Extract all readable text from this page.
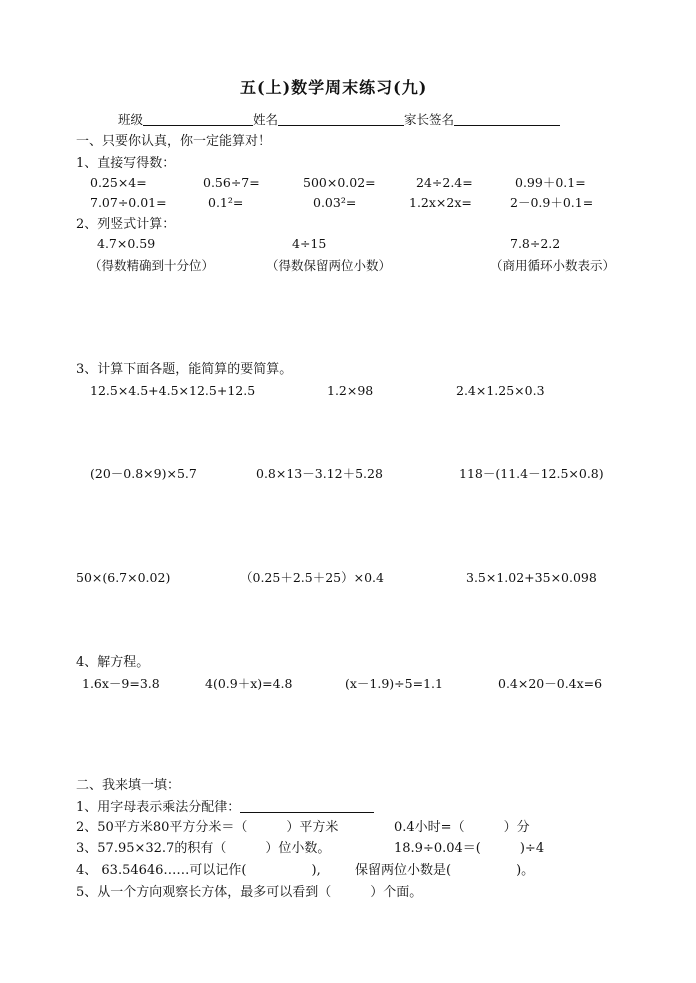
五(上)数学周末练习(九)
班级	姓名	家长签名
一、只要你认真，你一定能算对！
1、直接写得数：
0.25×4=	0.56÷7=	500×0.02=	24÷2.4=	0.99＋0.1=
7.07÷0.01=	0.1²=	0.03²=	1.2x×2x=	2－0.9＋0.1=
2、列竖式计算：
4.7×0.59	4÷15	7.8÷2.2
（得数精确到十分位）	（得数保留两位小数）	（商用循环小数表示）
3、计算下面各题，能简算的要简算。
12.5×4.5+4.5×12.5+12.5	1.2×98	2.4×1.25×0.3
(20－0.8×9)×5.7	0.8×13－3.12＋5.28	118－(11.4－12.5×0.8)
50×(6.7×0.02)	（0.25＋2.5＋25）×0.4	3.5×1.02+35×0.098
4、解方程。
1.6x－9=3.8	4(0.9＋x)=4.8	(x－1.9)÷5=1.1	0.4×20－0.4x=6
二、我来填一填：
1、用字母表示乘法分配律：
2、50平方米80平方分米＝（　　　）平方米	0.4小时=（　　　）分
3、57.95×32.7的积有（　　　）位小数。	18.9÷0.04＝(　　　)÷4
4、 63.54646……可以记作(　　　　　),	保留两位小数是(　　　　　)。
5、从一个方向观察长方体，最多可以看到（　　　）个面。
